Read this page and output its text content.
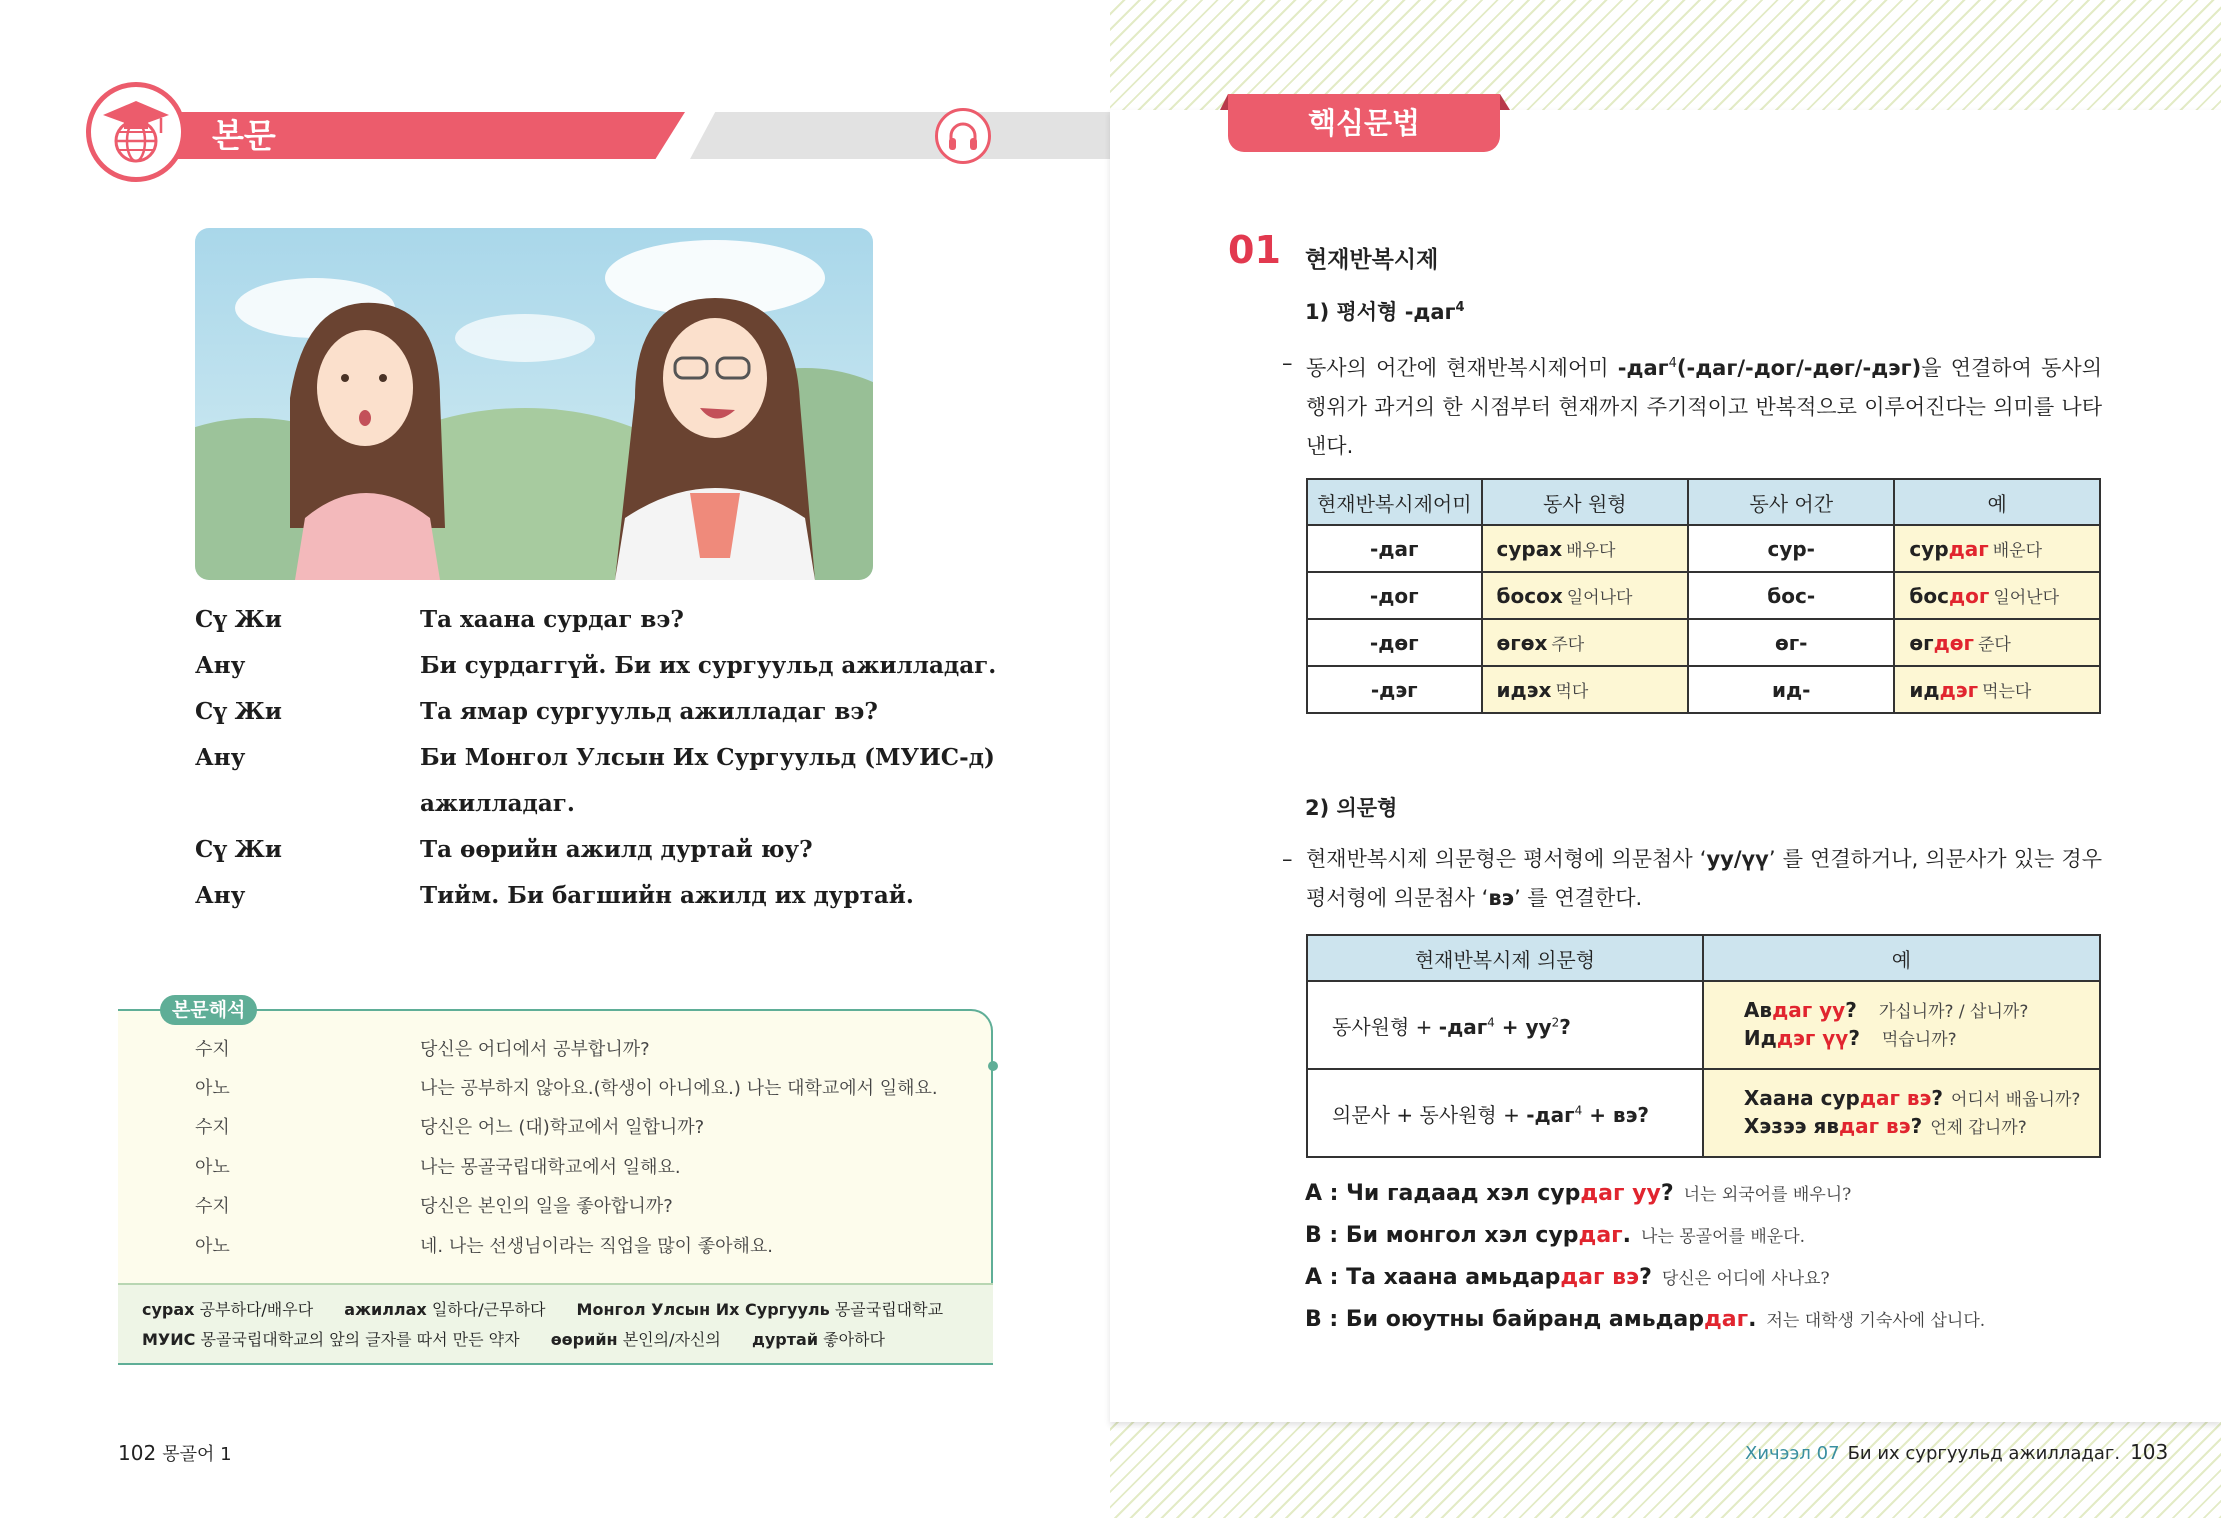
본문
Сү Жи	Та хаана сурдаг вэ?
Ану	Би сурдаггүй. Би их сургуульд ажилладаг.
Сү Жи	Та ямар сургуульд ажилладаг вэ?
Ану	Би Монгол Улсын Их Сургуульд (МУИС-д)
ажилладаг.
Сү Жи	Та өөрийн ажилд дуртай юу?
Ану	Тийм. Би багшийн ажилд их дуртай.
본문해석
수지	당신은 어디에서 공부합니까?
아노	나는 공부하지 않아요.(학생이 아니에요.) 나는 대학교에서 일해요.
수지	당신은 어느 (대)학교에서 일합니까?
아노	나는 몽골국립대학교에서 일해요.
수지	당신은 본인의 일을 좋아합니까?
아노	네. 나는 선생님이라는 직업을 많이 좋아해요.
сурах 공부하다/배우다 ажиллах 일하다/근무하다 Монгол Улсын Их Сургууль 몽골국립대학교
МУИС 몽골국립대학교의 앞의 글자를 따서 만든 약자 өөрийн 본인의/자신의 дуртай 좋아하다
102 몽골어 1
핵심문법
01 현재반복시제
1) 평서형 -даг$^4$
– 동사의 어간에 현재반복시제어미 -даг$^4$(-даг/-дог/-дөг/-дэг)을 연결하여 동사의 행위가 과거의 한 시점부터 현재까지 주기적이고 반복적으로 이루어진다는 의미를 나타낸다.
현재반복시제어미	동사 원형	동사 어간	예
-даг	сурах 배우다	сур-	сурдаг 배운다
-дог	босох 일어나다	бос-	босдог 일어난다
-дөг	өгөх 주다	өг-	өгдөг 준다
-дэг	идэх 먹다	ид-	иддэг 먹는다
2) 의문형
– 현재반복시제 의문형은 평서형에 의문첨사 ‘уу/үү’ 를 연결하거나, 의문사가 있는 경우 평서형에 의문첨사 ‘вэ’ 를 연결한다.
현재반복시제 의문형	예
동사원형 + $-даг^4 + уу^2$?	Авдаг уу? 가십니까? / 삽니까?
Иддэг үү? 먹습니까?

의문사 + 동사원형 + -даг$^4$ + вэ?	Хаана сурдаг вэ? 어디서 배웁니까?
Хэзээ явдаг вэ? 언제 갑니까?
A : Чи гадаад хэл сурдаг уу? 너는 외국어를 배우니?
B : Би монгол хэл сурдаг. 나는 몽골어를 배운다.
A : Та хаана амьдардаг вэ? 당신은 어디에 사나요?
B : Би оюутны байранд амьдардаг. 저는 대학생 기숙사에 삽니다.
Хичээл 07 Би их сургуульд ажилладаг. 103
